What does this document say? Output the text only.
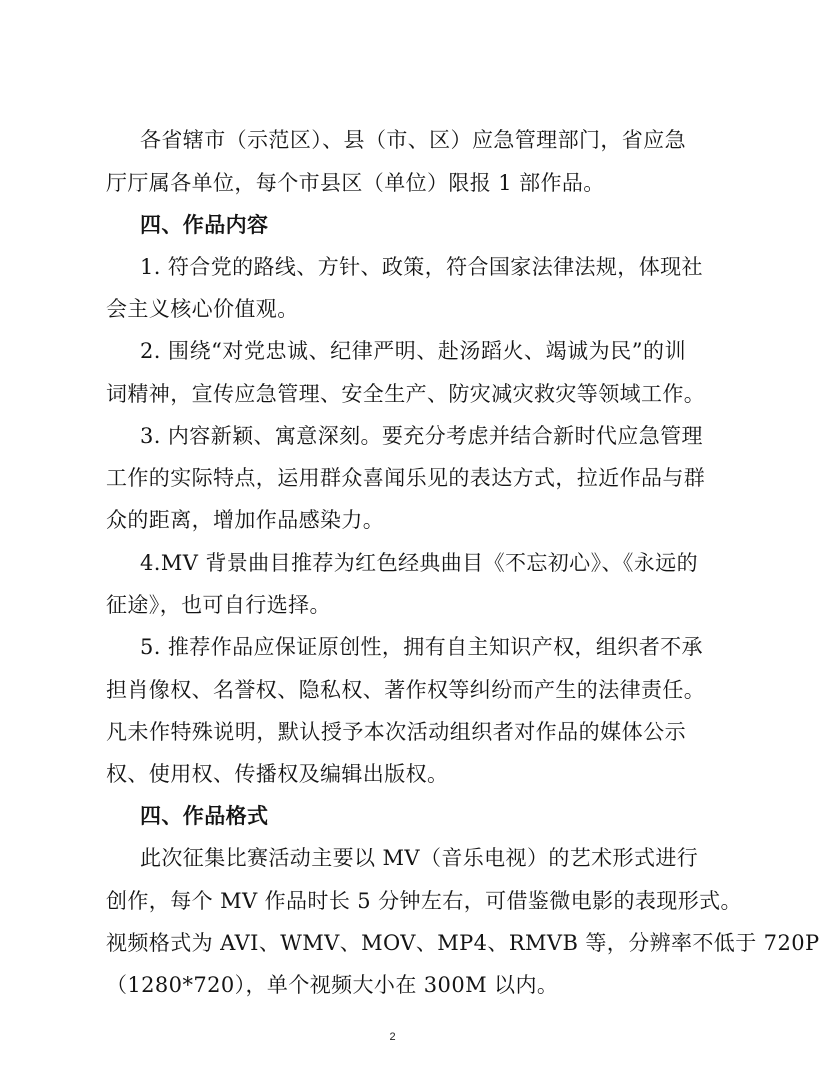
各省辖市（示范区）、县（市、区）应急管理部门，省应急
厅厅属各单位，每个市县区（单位）限报 1 部作品。
四、作品内容
1. 符合党的路线、方针、政策，符合国家法律法规，体现社
会主义核心价值观。
2. 围绕“对党忠诚、纪律严明、赴汤蹈火、竭诚为民”的训
词精神，宣传应急管理、安全生产、防灾减灾救灾等领域工作。
3. 内容新颖、寓意深刻。要充分考虑并结合新时代应急管理
工作的实际特点，运用群众喜闻乐见的表达方式，拉近作品与群
众的距离，增加作品感染力。
4.MV 背景曲目推荐为红色经典曲目《不忘初心》、《永远的
征途》，也可自行选择。
5. 推荐作品应保证原创性，拥有自主知识产权，组织者不承
担肖像权、名誉权、隐私权、著作权等纠纷而产生的法律责任。
凡未作特殊说明，默认授予本次活动组织者对作品的媒体公示
权、使用权、传播权及编辑出版权。
四、作品格式
此次征集比赛活动主要以 MV（音乐电视）的艺术形式进行
创作，每个 MV 作品时长 5 分钟左右，可借鉴微电影的表现形式。
视频格式为 AVI、WMV、MOV、MP4、RMVB 等，分辨率不低于 720P
（1280*720），单个视频大小在 300M 以内。
2
